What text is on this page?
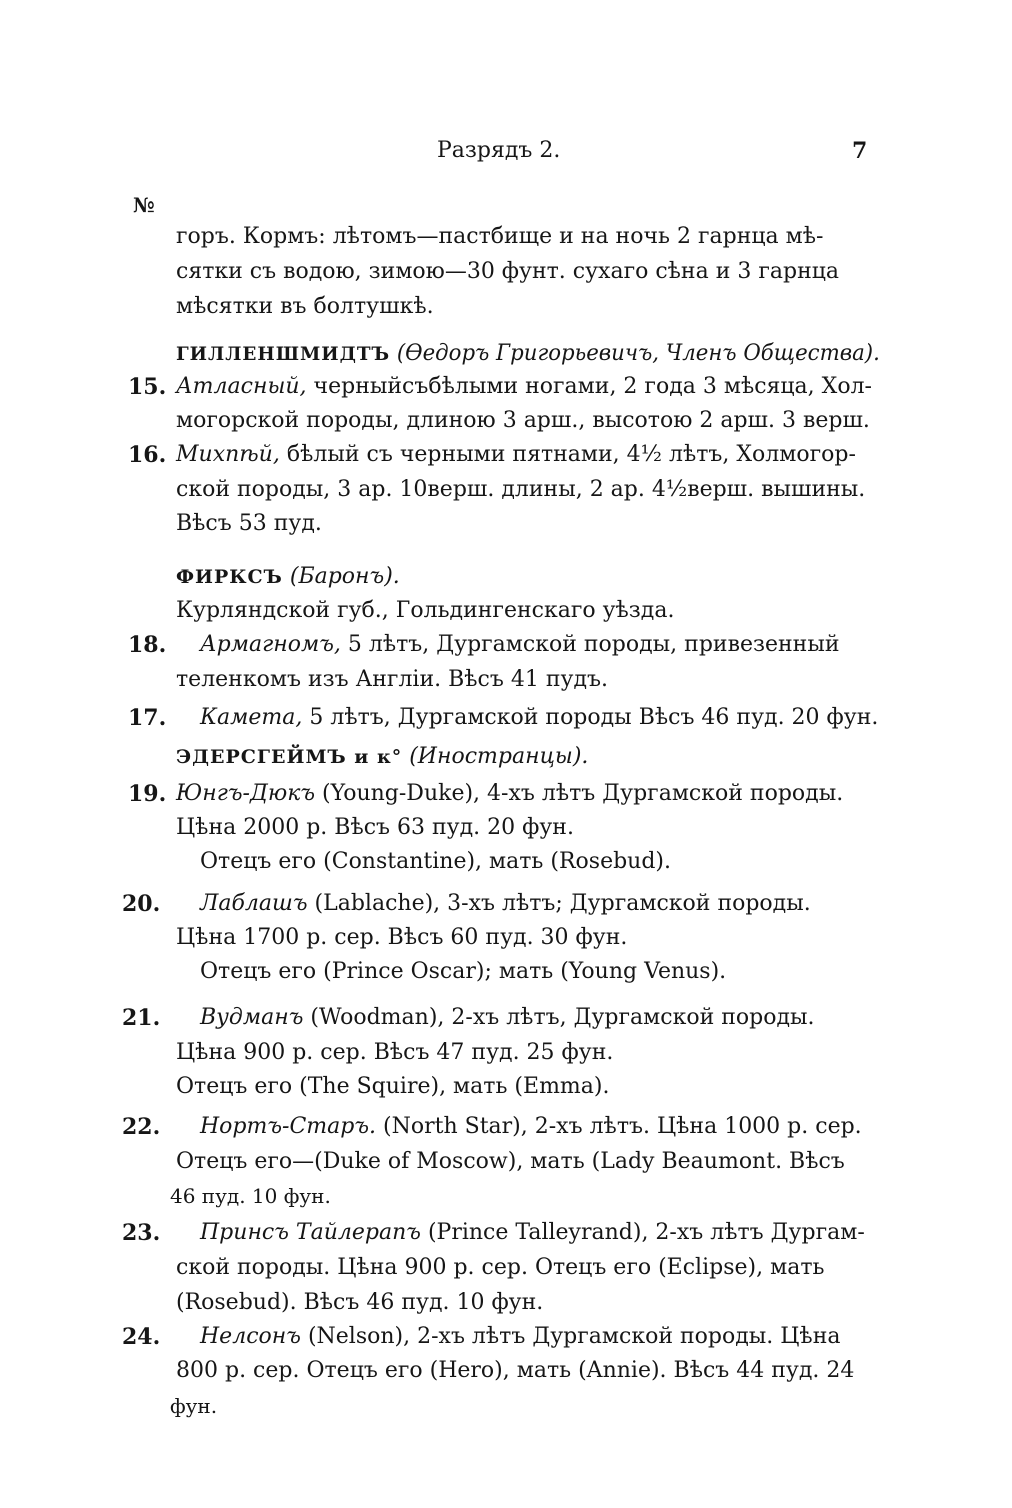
Разрядъ 2.	7
№
горъ. Кормъ: лѣтомъ—пастбище и на ночь 2 гарнца мѣ-
сятки съ водою, зимою—30 фунт. сухаго сѣна и 3 гарнца
мѣсятки въ болтушкѣ.
ГИЛЛЕНШМИДТЪ (Ѳедоръ Григорьевичъ, Членъ Общества).
15. Атласный, черныйсъбѣлыми ногами, 2 года 3 мѣсяца, Хол-
могорской породы, длиною 3 арш., высотою 2 арш. 3 верш.
16. Михпѣй, бѣлый съ черными пятнами, 4½ лѣтъ, Холмогор-
ской породы, 3 ар. 10верш. длины, 2 ар. 4½верш. вышины.
Вѣсъ 53 пуд.
ФИРКСЪ (Баронъ).
Курляндской губ., Гольдингенскаго уѣзда.
18. Армагномъ, 5 лѣтъ, Дургамской породы, привезенный
теленкомъ изъ Англіи. Вѣсъ 41 пудъ.
17. Камета, 5 лѣтъ, Дургамской породы Вѣсъ 46 пуд. 20 фун.
ЭДЕРСГЕЙМЪ и к° (Иностранцы).
19. Юнгъ-Дюкъ (Young-Duke), 4-хъ лѣтъ Дургамской породы.
Цѣна 2000 р. Вѣсъ 63 пуд. 20 фун.
Отецъ его (Constantine), мать (Rosebud).
20. Лаблашъ (Lablache), 3-хъ лѣтъ; Дургамской породы.
Цѣна 1700 р. сер. Вѣсъ 60 пуд. 30 фун.
Отецъ его (Prince Oscar); мать (Young Venus).
21. Вудманъ (Woodman), 2-хъ лѣтъ, Дургамской породы.
Цѣна 900 р. сер. Вѣсъ 47 пуд. 25 фун.
Отецъ его (The Squire), мать (Emma).
22. Нортъ-Старъ. (North Star), 2-хъ лѣтъ. Цѣна 1000 р. сер.
Отецъ его—(Duke of Moscow), мать (Lady Beaumont. Вѣсъ
46 пуд. 10 фун.
23. Принсъ Тайлерапъ (Prince Talleyrand), 2-хъ лѣтъ Дургам-
ской породы. Цѣна 900 р. сер. Отецъ его (Eclipse), мать
(Rosebud). Вѣсъ 46 пуд. 10 фун.
24. Нелсонъ (Nelson), 2-хъ лѣтъ Дургамской породы. Цѣна
800 р. сер. Отецъ его (Hero), мать (Annie). Вѣсъ 44 пуд. 24
фун.
